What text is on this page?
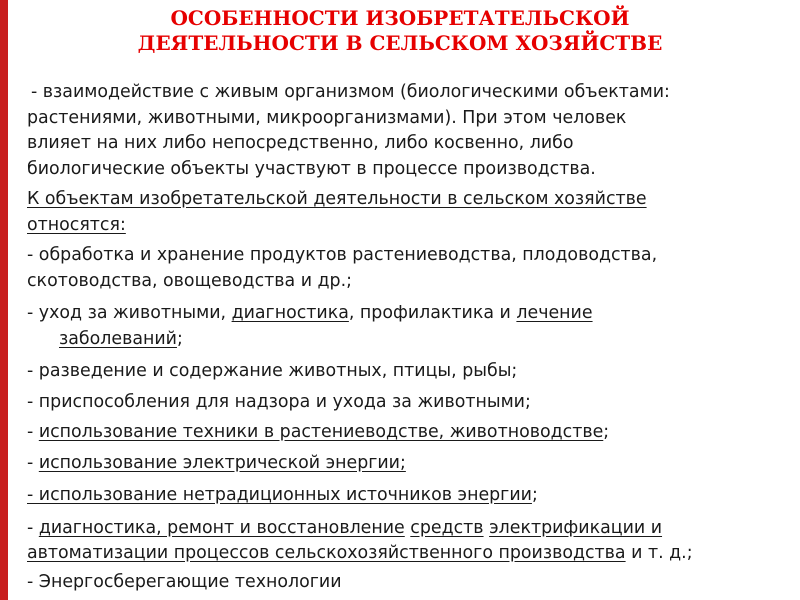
ОСОБЕННОСТИ ИЗОБРЕТАТЕЛЬСКОЙ
ДЕЯТЕЛЬНОСТИ В СЕЛЬСКОМ ХОЗЯЙСТВЕ
- взаимодействие с живым организмом (биологическими объектами:
растениями, животными, микроорганизмами). При этом человек
влияет на них либо непосредственно, либо косвенно, либо
биологические объекты участвуют в процессе производства.
К объектам изобретательской деятельности в сельском хозяйстве
относятся:
- обработка и хранение продуктов растениеводства, плодоводства,
скотоводства, овощеводства и др.;
- уход за животными, диагностика, профилактика и лечение
заболеваний;
- разведение и содержание животных, птицы, рыбы;
- приспособления для надзора и ухода за животными;
- использование техники в растениеводстве, животноводстве;
- использование электрической энергии;
- использование нетрадиционных источников энергии;
- диагностика, ремонт и восстановление средств электрификации и
автоматизации процессов сельскохозяйственного производства и т. д.;
- Энергосберегающие технологии
